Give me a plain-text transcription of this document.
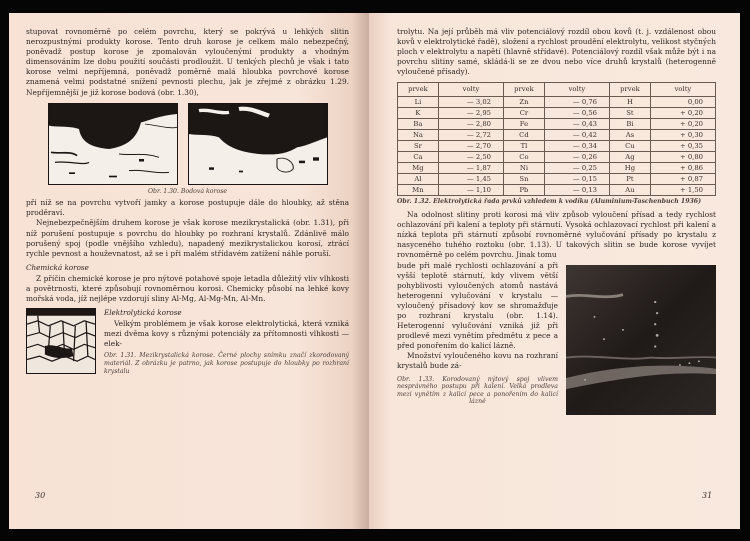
stupovat rovnoměrně po celém povrchu, který se pokrývá u lehkých slitin nerozpustnými produkty korose. Tento druh korose je celkem málo nebezpečný, poněvadž postup korose je zpomalován vyloučenými produkty a vhodným dimensováním lze dobu použití součásti prodloužit. U tenkých plechů je však i tato korose velmi nepříjemná, poněvadž poměrně malá hloubka povrchové korose znamená velmi podstatné snížení pevnosti plechu, jak je zřejmé z obrázku 1.29. Nepříjemnější je již korose bodová (obr. 1.30),

Obr. 1.30. Bodová korose

při níž se na povrchu vytvoří jamky a korose postupuje dále do hloubky, až stěna proděraví.

Nejnebezpečnějším druhem korose je však korose mezikrystalická (obr. 1.31), při níž porušení postupuje s povrchu do hloubky po rozhraní krystalů. Zdánlivě málo porušený spoj (podle vnějšího vzhledu), napadený mezikrystalickou korosí, ztrácí rychle pevnost a houževnatost, až se i při malém střídavém zatížení náhle poruší.

Chemická korose

Z příčin chemické korose je pro nýtové potahové spoje letadla důležitý vliv vlhkosti a povětrnosti, které způsobují rovnoměrnou korosi. Chemicky působí na lehké kovy mořská voda, jíž nejlépe vzdorují sliny Al-Mg, Al-Mg-Mn, Al-Mn.

Elektrolytická korose

Velkým problémem je však korose elektrolytická, která vzniká mezi dvěma kovy s různými potenciály za přítomnosti vlhkosti — elek-

Obr. 1.31. Mezikrystalická korose. Černé plochy snímku značí zkorodovaný materiál. Z obrázku je patrno, jak korose postupuje do hloubky po rozhraní krystalu
30

trolytu. Na její průběh má vliv potenciálový rozdíl obou kovů (t. j. vzdálenost obou kovů v elektrolytické řadě), složení a rychlost proudění elektrolytu, velikost styčných ploch v elektrolytu a napětí (hlavně střídavé). Potenciálový rozdíl však může být i na povrchu slitiny samé, skládá-li se ze dvou nebo více druhů krystalů (heterogenně vyloučené přísady).

prvek	volty	prvek	volty	prvek	volty
Li	— 3,02	Zn	— 0,76	H	0,00
K	— 2,95	Cr	— 0,56	St	+ 0,20
Ba	— 2,80	Fe	— 0,43	Bi	+ 0,20
Na	— 2,72	Cd	— 0,42	As	+ 0,30
Sr	— 2,70	Tl	— 0,34	Cu	+ 0,35
Ca	— 2,50	Co	— 0,26	Ag	+ 0,80
Mg	— 1,87	Ni	— 0,25	Hg	+ 0,86
Al	— 1,45	Sn	— 0,15	Pt	+ 0,87
Mn	— 1,10	Pb	— 0,13	Au	+ 1,50
Obr. 1.32. Elektrolytická řada prvků vzhledem k vodíku (Aluminium-Taschenbuch 1936)

Na odolnost slitiny proti korosi má vliv způsob vyloučení přísad a tedy rychlost ochlazování při kalení a teploty při stárnutí. Vysoká ochlazovací rychlost při kalení a nízká teplota při stárnutí způsobí rovnoměrné vylučování přísady po krystalu z nasyceného tuhého roztoku (obr. 1.13). U takových slitin se bude korose vyvíjet rovnoměrně po celém povrchu. Jinak tomu

bude při malé rychlosti ochlazování a při vyšší teplotě stárnutí, kdy vlivem větší pohyblivosti vyloučených atomů nastává heterogenní vylučování v krystalu — vyloučený přísadový kov se shromažďuje po rozhraní krystalu (obr. 1.14). Heterogenní vylučování vzniká již při prodlevě mezi vynětím předmětu z pece a před ponořením do kalicí lázně.

Množství vyloučeného kovu na rozhraní krystalů bude zá-

Obr. 1.33. Korodovaný nýtový spoj vlivem nesprávného postupu při kalení. Velká prodleva mezi vynětím z kalicí pece a ponořením do kalicí lázně
31
